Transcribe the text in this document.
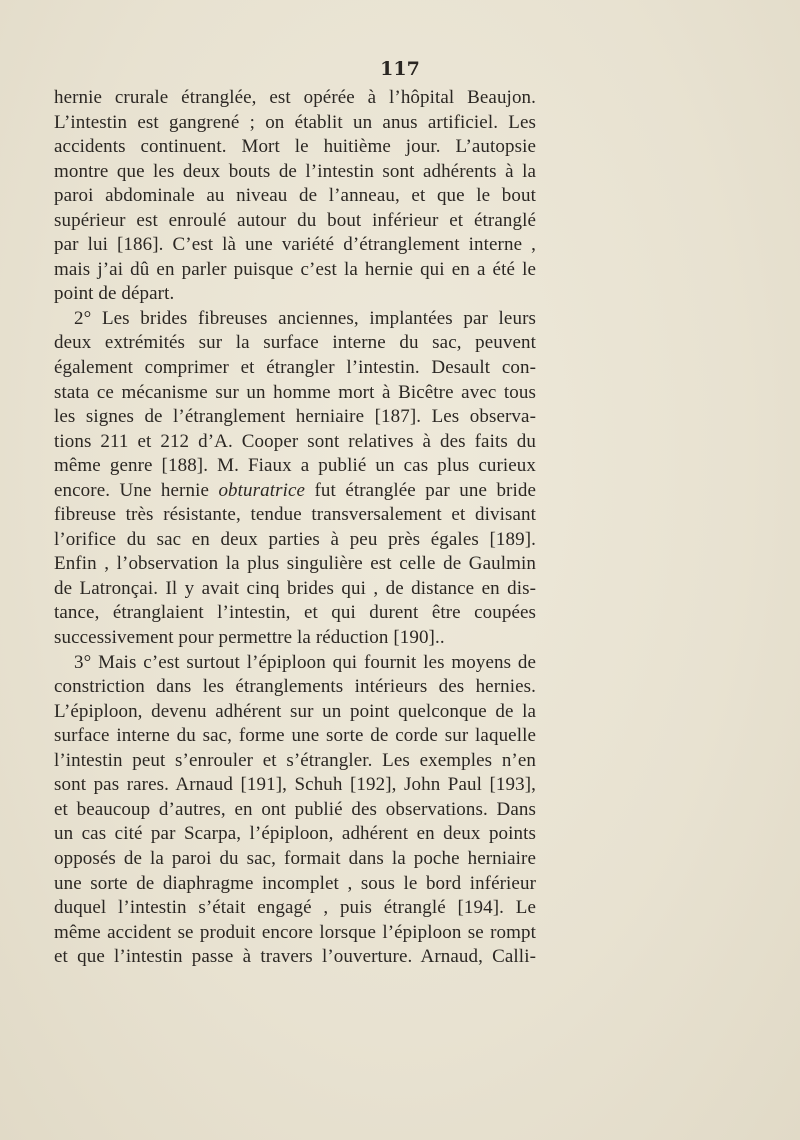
117
hernie crurale étranglée, est opérée à l’hôpital Beaujon.
L’intestin est gangrené ; on établit un anus artificiel. Les
accidents continuent. Mort le huitième jour. L’autopsie
montre que les deux bouts de l’intestin sont adhérents à la
paroi abdominale au niveau de l’anneau, et que le bout
supérieur est enroulé autour du bout inférieur et étranglé
par lui [186]. C’est là une variété d’étranglement interne ,
mais j’ai dû en parler puisque c’est la hernie qui en a été le
point de départ.
2° Les brides fibreuses anciennes, implantées par leurs
deux extrémités sur la surface interne du sac, peuvent
également comprimer et étrangler l’intestin. Desault con-
stata ce mécanisme sur un homme mort à Bicêtre avec tous
les signes de l’étranglement herniaire [187]. Les observa-
tions 211 et 212 d’A. Cooper sont relatives à des faits du
même genre [188]. M. Fiaux a publié un cas plus curieux
encore. Une hernie obturatrice fut étranglée par une bride
fibreuse très résistante, tendue transversalement et divisant
l’orifice du sac en deux parties à peu près égales [189].
Enfin , l’observation la plus singulière est celle de Gaulmin
de Latronçai. Il y avait cinq brides qui , de distance en dis-
tance, étranglaient l’intestin, et qui durent être coupées
successivement pour permettre la réduction [190]..
3° Mais c’est surtout l’épiploon qui fournit les moyens de
constriction dans les étranglements intérieurs des hernies.
L’épiploon, devenu adhérent sur un point quelconque de la
surface interne du sac, forme une sorte de corde sur laquelle
l’intestin peut s’enrouler et s’étrangler. Les exemples n’en
sont pas rares. Arnaud [191], Schuh [192], John Paul [193],
et beaucoup d’autres, en ont publié des observations. Dans
un cas cité par Scarpa, l’épiploon, adhérent en deux points
opposés de la paroi du sac, formait dans la poche herniaire
une sorte de diaphragme incomplet , sous le bord inférieur
duquel l’intestin s’était engagé , puis étranglé [194]. Le
même accident se produit encore lorsque l’épiploon se rompt
et que l’intestin passe à travers l’ouverture. Arnaud, Calli-
